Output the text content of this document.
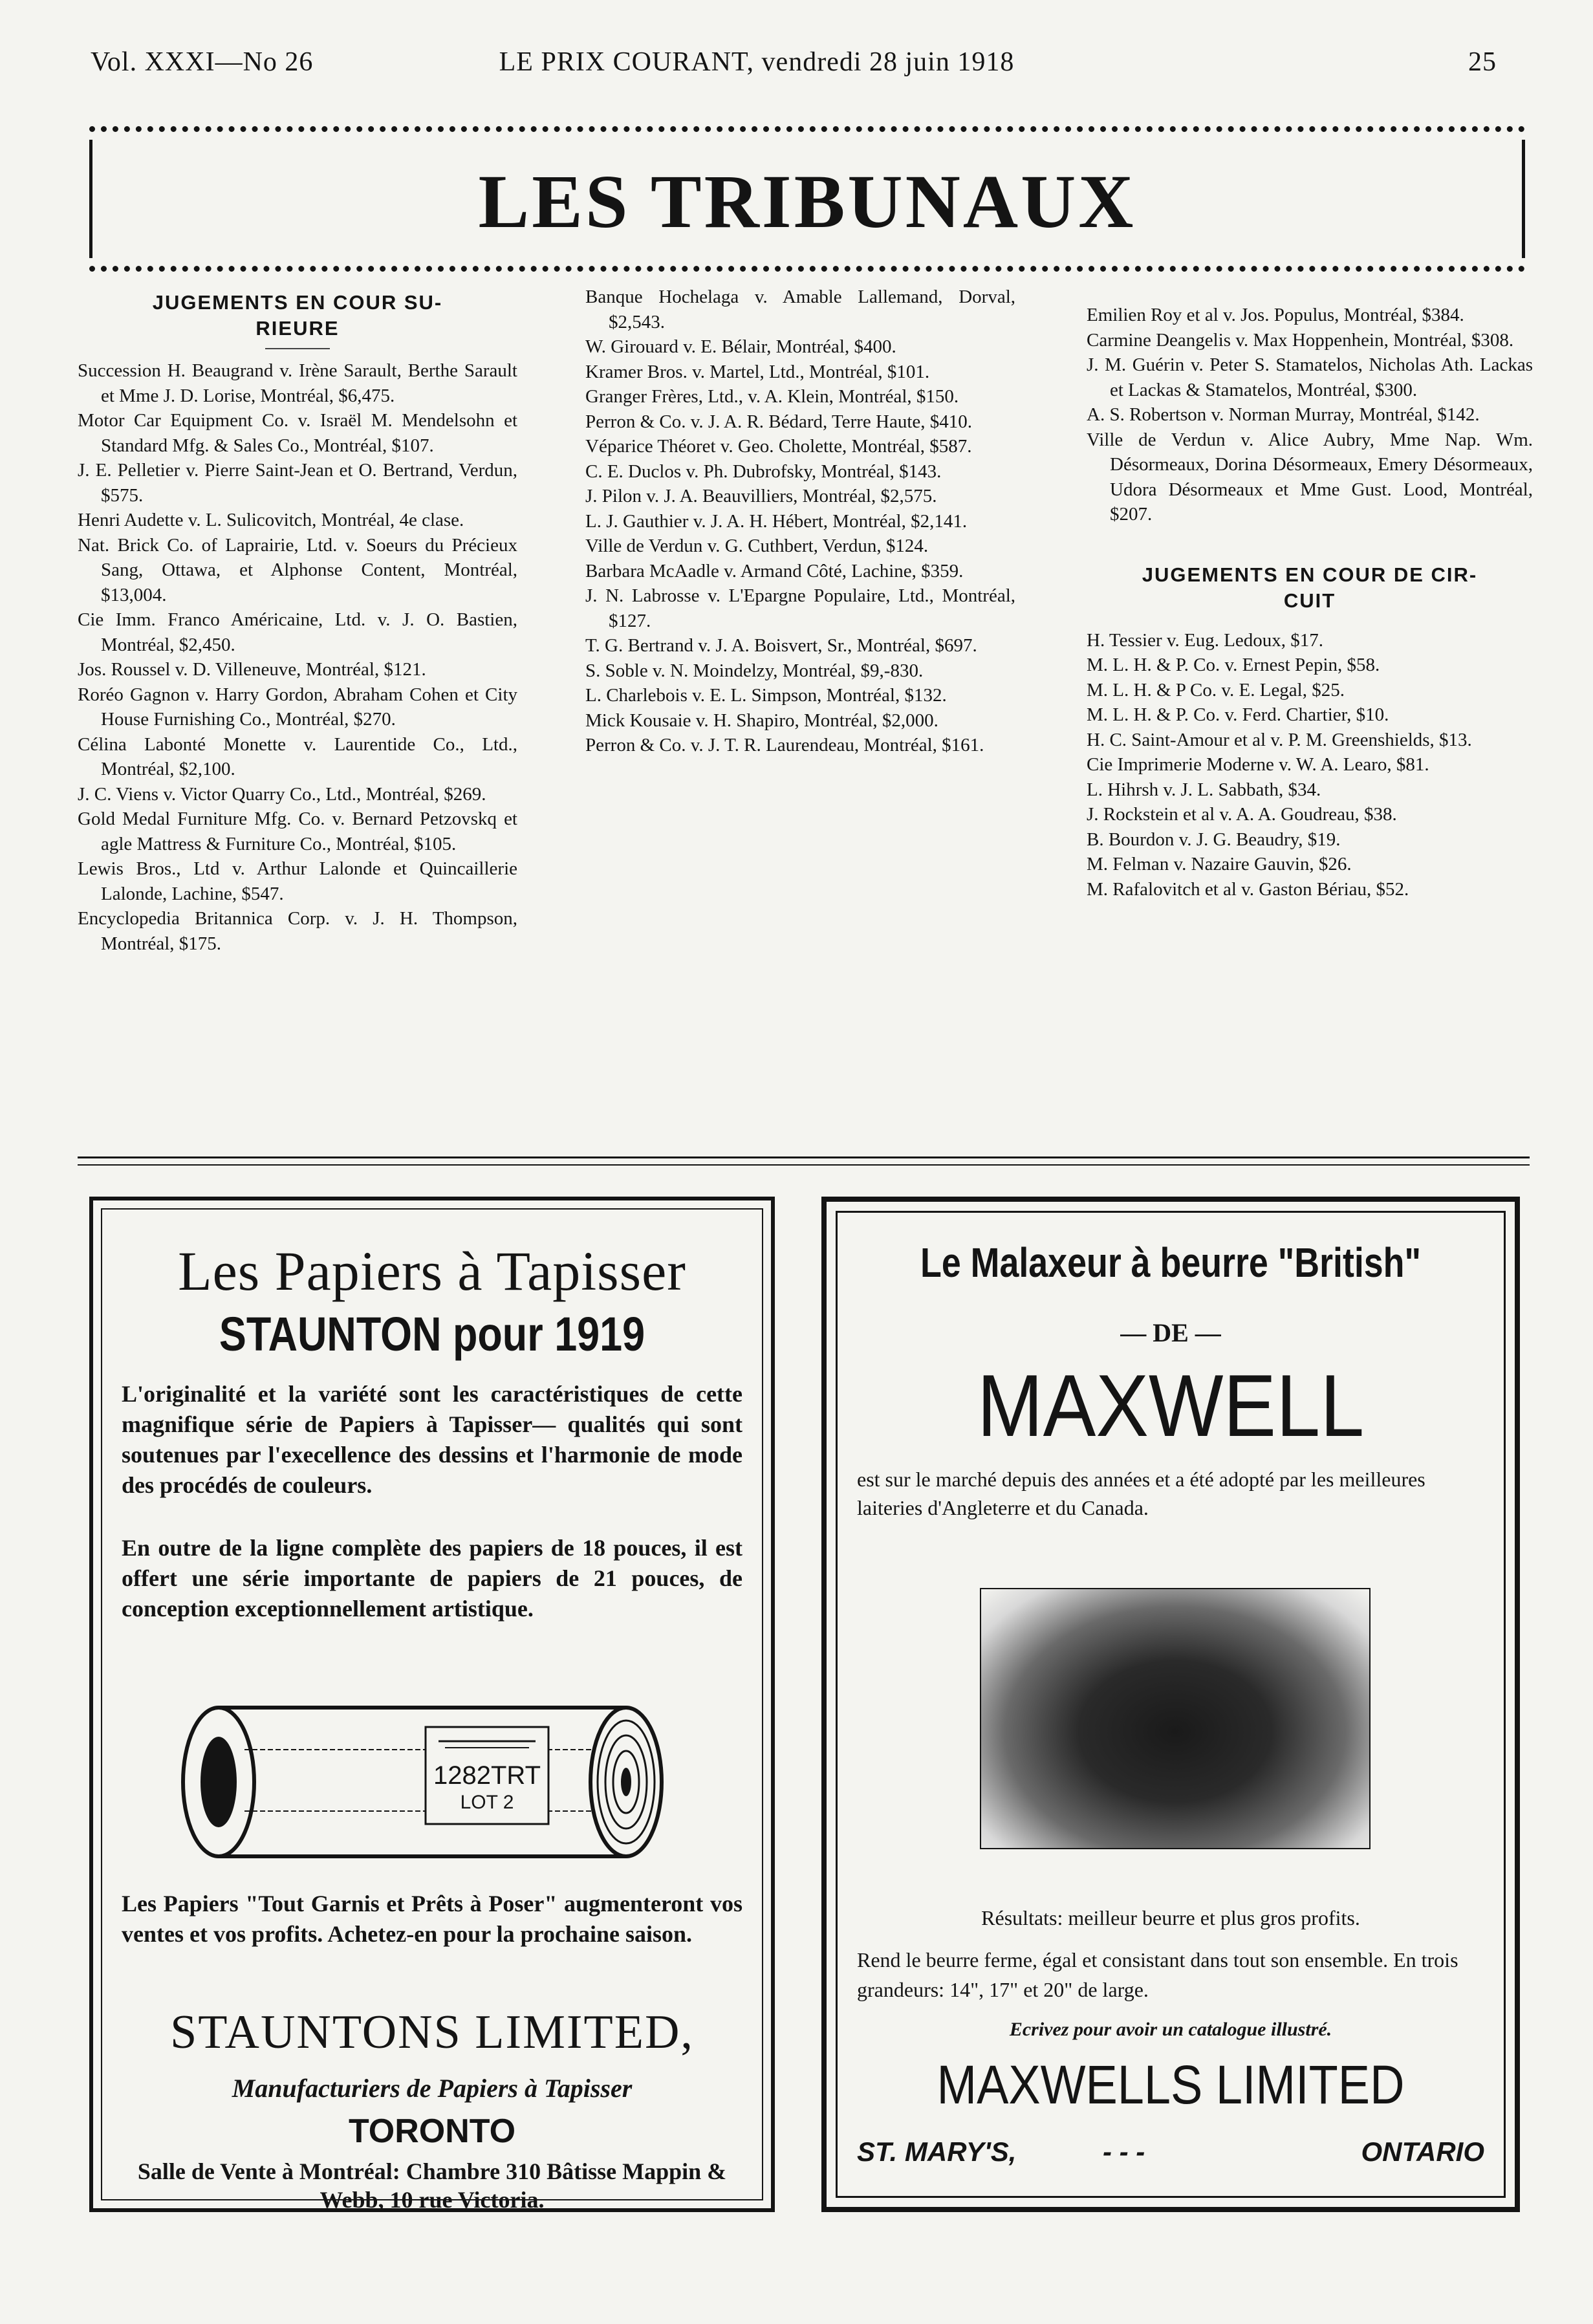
Vol. XXXI—No 26	LE PRIX COURANT, vendredi 28 juin 1918	25
LES TRIBUNAUX
JUGEMENTS EN COUR SU-
RIEURE
Succession H. Beaugrand v. Irène Sarault, Berthe Sarault et Mme J. D. Lorise, Montréal, $6,475.
Motor Car Equipment Co. v. Israël M. Mendelsohn et Standard Mfg. & Sales Co., Montréal, $107.
J. E. Pelletier v. Pierre Saint-Jean et O. Bertrand, Verdun, $575.
Henri Audette v. L. Sulicovitch, Montréal, 4e clase.
Nat. Brick Co. of Laprairie, Ltd. v. Soeurs du Précieux Sang, Ottawa, et Alphonse Content, Montréal, $13,004.
Cie Imm. Franco Américaine, Ltd. v. J. O. Bastien, Montréal, $2,450.
Jos. Roussel v. D. Villeneuve, Montréal, $121.
Roréo Gagnon v. Harry Gordon, Abraham Cohen et City House Furnishing Co., Montréal, $270.
Célina Labonté Monette v. Laurentide Co., Ltd., Montréal, $2,100.
J. C. Viens v. Victor Quarry Co., Ltd., Montréal, $269.
Gold Medal Furniture Mfg. Co. v. Bernard Petzovskq et agle Mattress & Furniture Co., Montréal, $105.
Lewis Bros., Ltd v. Arthur Lalonde et Quincaillerie Lalonde, Lachine, $547.
Encyclopedia Britannica Corp. v. J. H. Thompson, Montréal, $175.
Banque Hochelaga v. Amable Lallemand, Dorval, $2,543.
W. Girouard v. E. Bélair, Montréal, $400.
Kramer Bros. v. Martel, Ltd., Montréal, $101.
Granger Frères, Ltd., v. A. Klein, Montréal, $150.
Perron & Co. v. J. A. R. Bédard, Terre Haute, $410.
Véparice Théoret v. Geo. Cholette, Montréal, $587.
C. E. Duclos v. Ph. Dubrofsky, Montréal, $143.
J. Pilon v. J. A. Beauvilliers, Montréal, $2,575.
L. J. Gauthier v. J. A. H. Hébert, Montréal, $2,141.
Ville de Verdun v. G. Cuthbert, Verdun, $124.
Barbara McAadle v. Armand Côté, Lachine, $359.
J. N. Labrosse v. L'Epargne Populaire, Ltd., Montréal, $127.
T. G. Bertrand v. J. A. Boisvert, Sr., Montréal, $697.
S. Soble v. N. Moindelzy, Montréal, $9,-830.
L. Charlebois v. E. L. Simpson, Montréal, $132.
Mick Kousaie v. H. Shapiro, Montréal, $2,000.
Perron & Co. v. J. T. R. Laurendeau, Montréal, $161.
Emilien Roy et al v. Jos. Populus, Montréal, $384.
Carmine Deangelis v. Max Hoppenhein, Montréal, $308.
J. M. Guérin v. Peter S. Stamatelos, Nicholas Ath. Lackas et Lackas & Stamatelos, Montréal, $300.
A. S. Robertson v. Norman Murray, Montréal, $142.
Ville de Verdun v. Alice Aubry, Mme Nap. Wm. Désormeaux, Dorina Désormeaux, Emery Désormeaux, Udora Désormeaux et Mme Gust. Lood, Montréal, $207.
JUGEMENTS EN COUR DE CIR-
CUIT
H. Tessier v. Eug. Ledoux, $17.
M. L. H. & P. Co. v. Ernest Pepin, $58.
M. L. H. & P Co. v. E. Legal, $25.
M. L. H. & P. Co. v. Ferd. Chartier, $10.
H. C. Saint-Amour et al v. P. M. Greenshields, $13.
Cie Imprimerie Moderne v. W. A. Learo, $81.
L. Hihrsh v. J. L. Sabbath, $34.
J. Rockstein et al v. A. A. Goudreau, $38.
B. Bourdon v. J. G. Beaudry, $19.
M. Felman v. Nazaire Gauvin, $26.
M. Rafalovitch et al v. Gaston Bériau, $52.
Les Papiers à Tapisser
STAUNTON pour 1919
L'originalité et la variété sont les caractéristiques de cette magnifique série de Papiers à Tapisser— qualités qui sont soutenues par l'execellence des dessins et l'harmonie de mode des procédés de couleurs.
En outre de la ligne complète des papiers de 18 pouces, il est offert une série importante de papiers de 21 pouces, de conception exceptionnellement artistique.
1282TRT
LOT 2
Les Papiers "Tout Garnis et Prêts à Poser" augmenteront vos ventes et vos profits. Achetez-en pour la prochaine saison.
STAUNTONS LIMITED,
Manufacturiers de Papiers à Tapisser
TORONTO
Salle de Vente à Montréal: Chambre 310 Bâtisse Mappin & Webb, 10 rue Victoria.
Le Malaxeur à beurre "British"
— DE —
MAXWELL
est sur le marché depuis des années et a été adopté par les meilleures laiteries d'Angleterre et du Canada.
Résultats: meilleur beurre et plus gros profits.
Rend le beurre ferme, égal et consistant dans tout son ensemble. En trois grandeurs: 14", 17" et 20" de large.
Ecrivez pour avoir un catalogue illustré.
MAXWELLS LIMITED
ST. MARY'S,	- - -	ONTARIO
